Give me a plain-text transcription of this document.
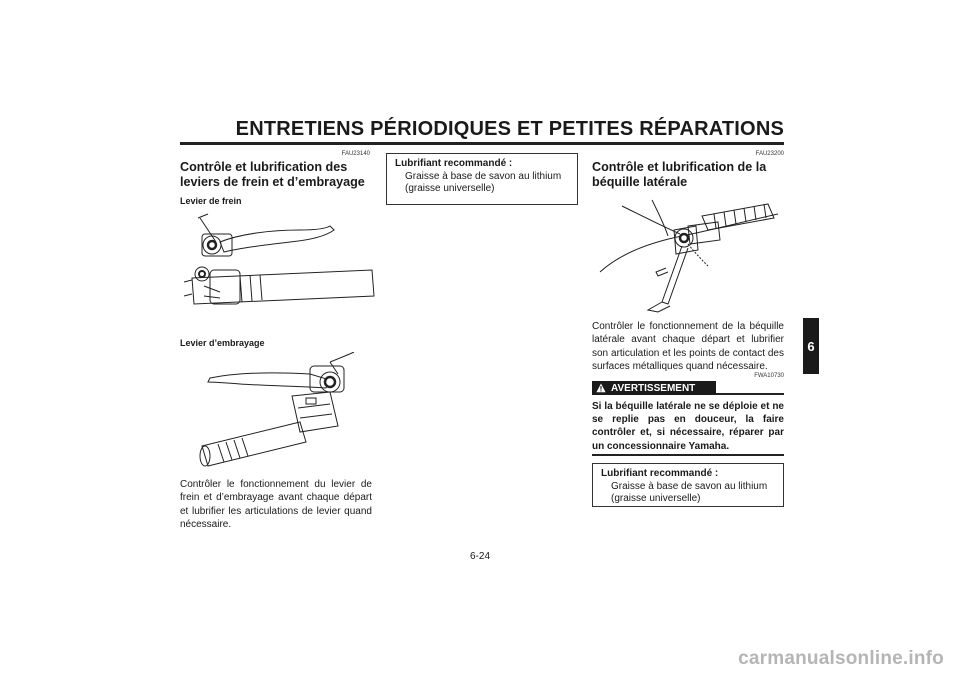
ENTRETIENS PÉRIODIQUES ET PETITES RÉPARATIONS
6
FAU23140
Contrôle et lubrification des
leviers de frein et d’embrayage
Levier de frein
Levier d’embrayage
Contrôler le fonctionnement du levier de frein et d’embrayage avant chaque départ et lubrifier les articulations de levier quand nécessaire.
Lubrifiant recommandé :
Graisse à base de savon au lithium
(graisse universelle)
FAU23200
Contrôle et lubrification de la
béquille latérale
Contrôler le fonctionnement de la béquille latérale avant chaque départ et lubrifier son articulation et les points de contact des surfaces métalliques quand nécessaire.
FWA10730
AVERTISSEMENT
Si la béquille latérale ne se déploie et ne se replie pas en douceur, la faire contrôler et, si nécessaire, réparer par un concessionnaire Yamaha.
Lubrifiant recommandé :
Graisse à base de savon au lithium
(graisse universelle)
6-24
carmanualsonline.info
